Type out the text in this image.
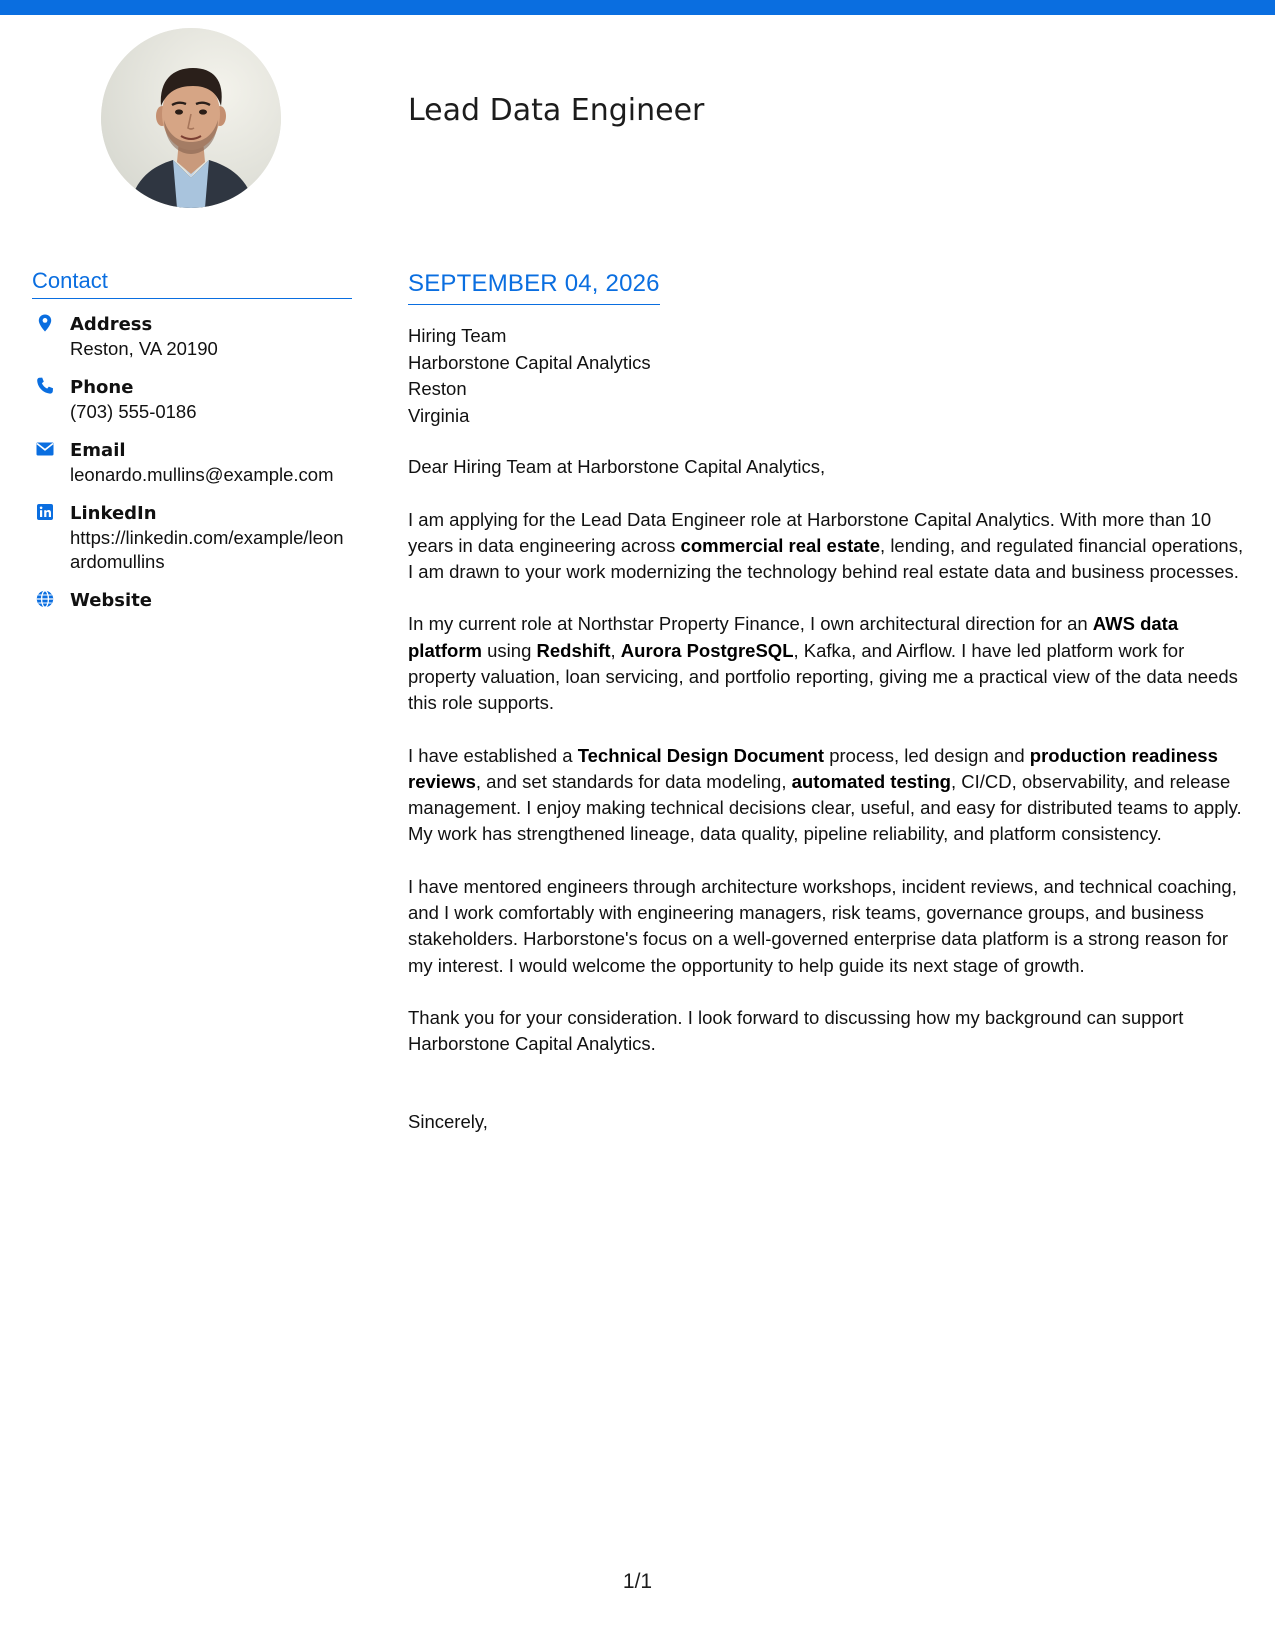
Lead Data Engineer
Contact
Address
Reston, VA 20190
Phone
(703) 555-0186
Email
leonardo.mullins@example.com
LinkedIn
https://linkedin.com/example/leonardomullins
Website
SEPTEMBER 04, 2026
Hiring Team
Harborstone Capital Analytics
Reston
Virginia
Dear Hiring Team at Harborstone Capital Analytics,
I am applying for the Lead Data Engineer role at Harborstone Capital Analytics. With more than 10 years in data engineering across commercial real estate, lending, and regulated financial operations, I am drawn to your work modernizing the technology behind real estate data and business processes.
In my current role at Northstar Property Finance, I own architectural direction for an AWS data platform using Redshift, Aurora PostgreSQL, Kafka, and Airflow. I have led platform work for property valuation, loan servicing, and portfolio reporting, giving me a practical view of the data needs this role supports.
I have established a Technical Design Document process, led design and production readiness reviews, and set standards for data modeling, automated testing, CI/CD, observability, and release management. I enjoy making technical decisions clear, useful, and easy for distributed teams to apply. My work has strengthened lineage, data quality, pipeline reliability, and platform consistency.
I have mentored engineers through architecture workshops, incident reviews, and technical coaching, and I work comfortably with engineering managers, risk teams, governance groups, and business stakeholders. Harborstone's focus on a well-governed enterprise data platform is a strong reason for my interest. I would welcome the opportunity to help guide its next stage of growth.
Thank you for your consideration. I look forward to discussing how my background can support Harborstone Capital Analytics.
Sincerely,
1/1
